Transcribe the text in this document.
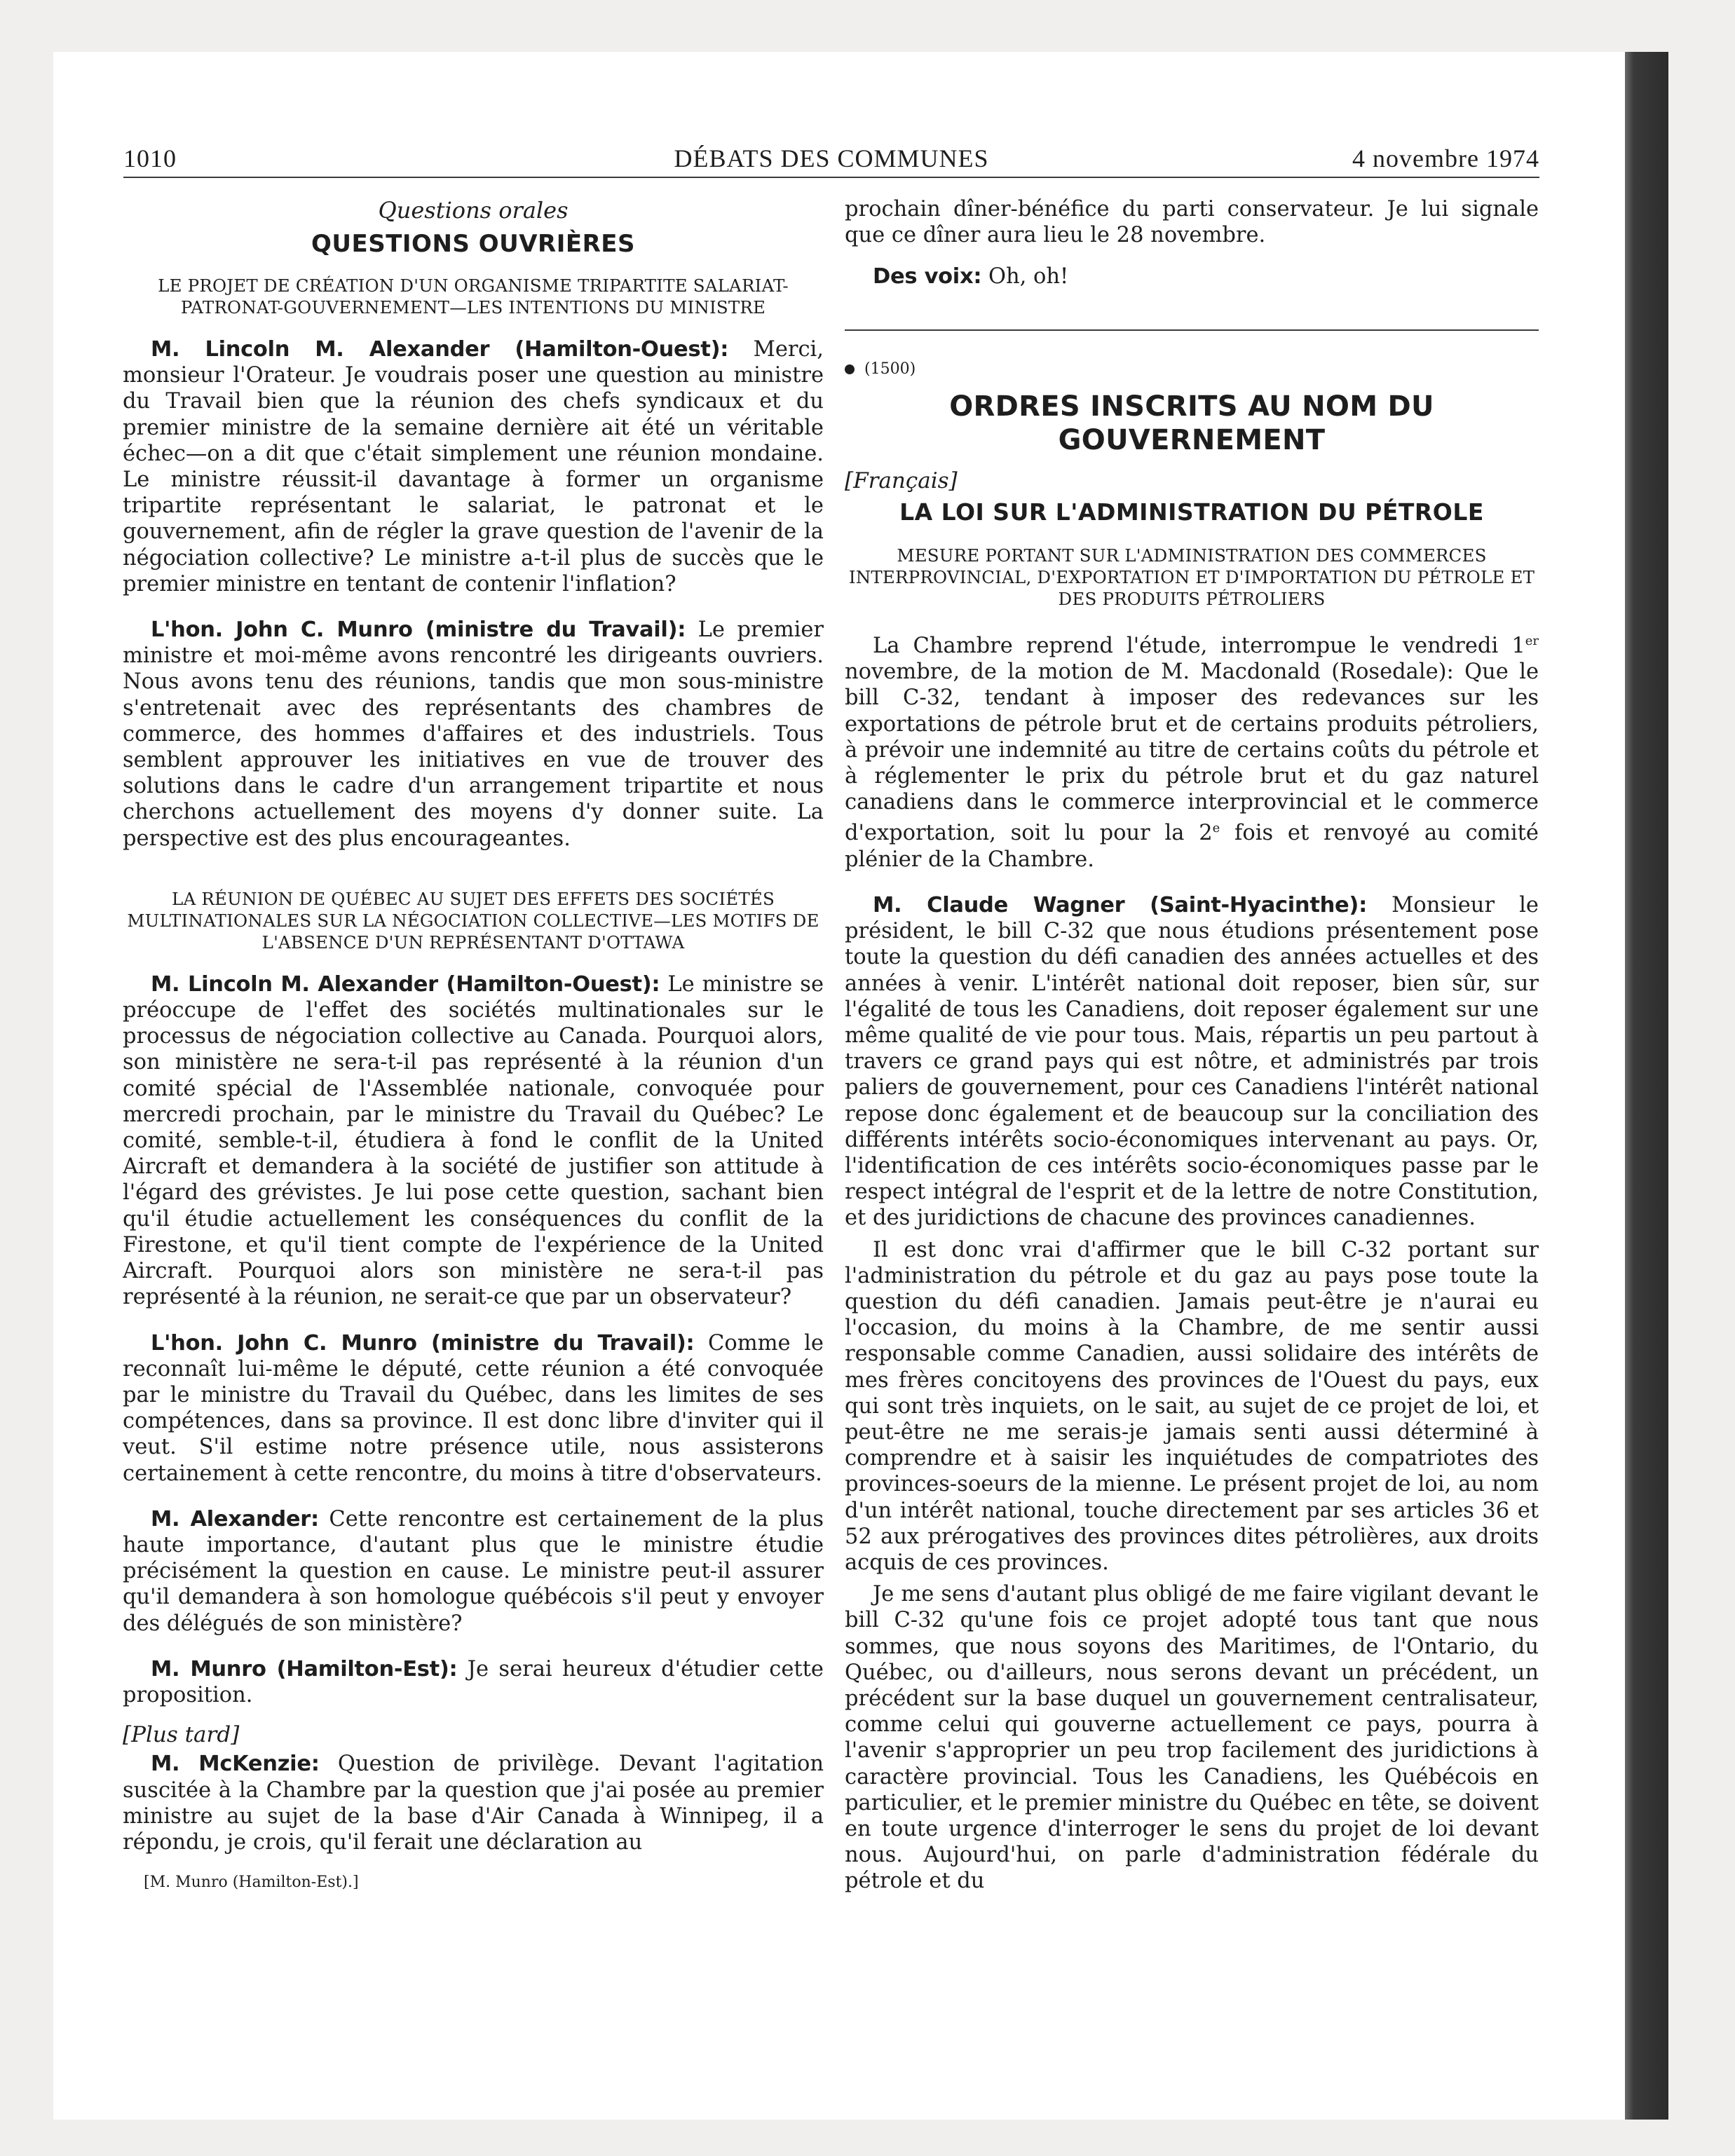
1010	DÉBATS DES COMMUNES	4 novembre 1974

Questions orales

QUESTIONS OUVRIÈRES

LE PROJET DE CRÉATION D'UN ORGANISME TRIPARTITE SALARIAT-PATRONAT-GOUVERNEMENT—LES INTENTIONS DU MINISTRE

M. Lincoln M. Alexander (Hamilton-Ouest): Merci, monsieur l'Orateur. Je voudrais poser une question au ministre du Travail bien que la réunion des chefs syndicaux et du premier ministre de la semaine dernière ait été un véritable échec—on a dit que c'était simplement une réunion mondaine. Le ministre réussit-il davantage à former un organisme tripartite représentant le salariat, le patronat et le gouvernement, afin de régler la grave question de l'avenir de la négociation collective? Le ministre a-t-il plus de succès que le premier ministre en tentant de contenir l'inflation?

L'hon. John C. Munro (ministre du Travail): Le premier ministre et moi-même avons rencontré les dirigeants ouvriers. Nous avons tenu des réunions, tandis que mon sous-ministre s'entretenait avec des représentants des chambres de commerce, des hommes d'affaires et des industriels. Tous semblent approuver les initiatives en vue de trouver des solutions dans le cadre d'un arrangement tripartite et nous cherchons actuellement des moyens d'y donner suite. La perspective est des plus encourageantes.

LA RÉUNION DE QUÉBEC AU SUJET DES EFFETS DES SOCIÉTÉS MULTINATIONALES SUR LA NÉGOCIATION COLLECTIVE—LES MOTIFS DE L'ABSENCE D'UN REPRÉSENTANT D'OTTAWA

M. Lincoln M. Alexander (Hamilton-Ouest): Le ministre se préoccupe de l'effet des sociétés multinationales sur le processus de négociation collective au Canada. Pourquoi alors, son ministère ne sera-t-il pas représenté à la réunion d'un comité spécial de l'Assemblée nationale, convoquée pour mercredi prochain, par le ministre du Travail du Québec? Le comité, semble-t-il, étudiera à fond le conflit de la United Aircraft et demandera à la société de justifier son attitude à l'égard des grévistes. Je lui pose cette question, sachant bien qu'il étudie actuellement les conséquences du conflit de la Firestone, et qu'il tient compte de l'expérience de la United Aircraft. Pourquoi alors son ministère ne sera-t-il pas représenté à la réunion, ne serait-ce que par un observateur?

L'hon. John C. Munro (ministre du Travail): Comme le reconnaît lui-même le député, cette réunion a été convoquée par le ministre du Travail du Québec, dans les limites de ses compétences, dans sa province. Il est donc libre d'inviter qui il veut. S'il estime notre présence utile, nous assisterons certainement à cette rencontre, du moins à titre d'observateurs.

M. Alexander: Cette rencontre est certainement de la plus haute importance, d'autant plus que le ministre étudie précisément la question en cause. Le ministre peut-il assurer qu'il demandera à son homologue québécois s'il peut y envoyer des délégués de son ministère?

M. Munro (Hamilton-Est): Je serai heureux d'étudier cette proposition.

[Plus tard]

M. McKenzie: Question de privilège. Devant l'agitation suscitée à la Chambre par la question que j'ai posée au premier ministre au sujet de la base d'Air Canada à Winnipeg, il a répondu, je crois, qu'il ferait une déclaration au

[M. Munro (Hamilton-Est).]

prochain dîner-bénéfice du parti conservateur. Je lui signale que ce dîner aura lieu le 28 novembre.

Des voix: Oh, oh!

(1500)

ORDRES INSCRITS AU NOM DU GOUVERNEMENT

[Français]

LA LOI SUR L'ADMINISTRATION DU PÉTROLE

MESURE PORTANT SUR L'ADMINISTRATION DES COMMERCES INTERPROVINCIAL, D'EXPORTATION ET D'IMPORTATION DU PÉTROLE ET DES PRODUITS PÉTROLIERS

La Chambre reprend l'étude, interrompue le vendredi 1er novembre, de la motion de M. Macdonald (Rosedale): Que le bill C-32, tendant à imposer des redevances sur les exportations de pétrole brut et de certains produits pétroliers, à prévoir une indemnité au titre de certains coûts du pétrole et à réglementer le prix du pétrole brut et du gaz naturel canadiens dans le commerce interprovincial et le commerce d'exportation, soit lu pour la 2e fois et renvoyé au comité plénier de la Chambre.

M. Claude Wagner (Saint-Hyacinthe): Monsieur le président, le bill C-32 que nous étudions présentement pose toute la question du défi canadien des années actuelles et des années à venir. L'intérêt national doit reposer, bien sûr, sur l'égalité de tous les Canadiens, doit reposer également sur une même qualité de vie pour tous. Mais, répartis un peu partout à travers ce grand pays qui est nôtre, et administrés par trois paliers de gouvernement, pour ces Canadiens l'intérêt national repose donc également et de beaucoup sur la conciliation des différents intérêts socio-économiques intervenant au pays. Or, l'identification de ces intérêts socio-économiques passe par le respect intégral de l'esprit et de la lettre de notre Constitution, et des juridictions de chacune des provinces canadiennes.

Il est donc vrai d'affirmer que le bill C-32 portant sur l'administration du pétrole et du gaz au pays pose toute la question du défi canadien. Jamais peut-être je n'aurai eu l'occasion, du moins à la Chambre, de me sentir aussi responsable comme Canadien, aussi solidaire des intérêts de mes frères concitoyens des provinces de l'Ouest du pays, eux qui sont très inquiets, on le sait, au sujet de ce projet de loi, et peut-être ne me serais-je jamais senti aussi déterminé à comprendre et à saisir les inquiétudes de compatriotes des provinces-soeurs de la mienne. Le présent projet de loi, au nom d'un intérêt national, touche directement par ses articles 36 et 52 aux prérogatives des provinces dites pétrolières, aux droits acquis de ces provinces.

Je me sens d'autant plus obligé de me faire vigilant devant le bill C-32 qu'une fois ce projet adopté tous tant que nous sommes, que nous soyons des Maritimes, de l'Ontario, du Québec, ou d'ailleurs, nous serons devant un précédent, un précédent sur la base duquel un gouvernement centralisateur, comme celui qui gouverne actuellement ce pays, pourra à l'avenir s'approprier un peu trop facilement des juridictions à caractère provincial. Tous les Canadiens, les Québécois en particulier, et le premier ministre du Québec en tête, se doivent en toute urgence d'interroger le sens du projet de loi devant nous. Aujourd'hui, on parle d'administration fédérale du pétrole et du
